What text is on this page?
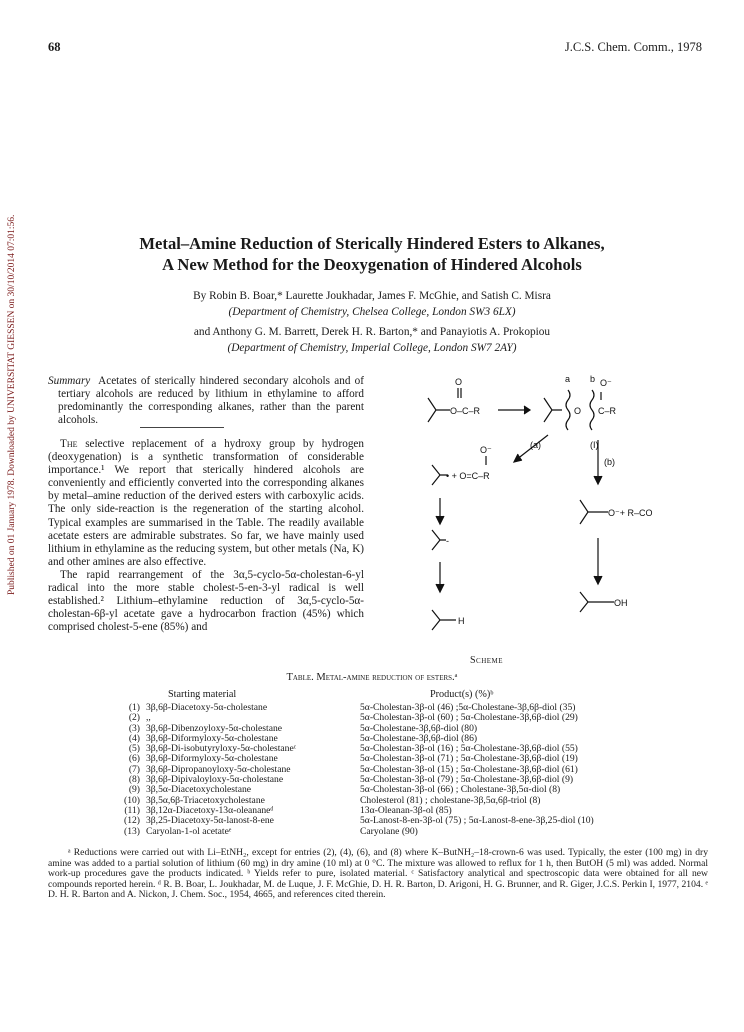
68	J.C.S. Chem. Comm., 1978
Published on 01 January 1978. Downloaded by UNIVERSITAT GIESSEN on 30/10/2014 07:01:56.	Metal–Amine Reduction of Sterically Hindered Esters to Alkanes,
A New Method for the Deoxygenation of Hindered Alcohols
By Robin B. Boar,* Laurette Joukhadar, James F. McGhie, and Satish C. Misra
(Department of Chemistry, Chelsea College, London SW3 6LX)
and Anthony G. M. Barrett, Derek H. R. Barton,* and Panayiotis A. Prokopiou
(Department of Chemistry, Imperial College, London SW7 2AY)

Summary Acetates of sterically hindered secondary alcohols and of tertiary alcohols are reduced by lithium in ethylamine to afford predominantly the corresponding alkanes, rather than the parent alcohols.

The selective replacement of a hydroxy group by hydrogen (deoxygenation) is a synthetic transformation of considerable importance.¹ We report that sterically hindered alcohols are conveniently and efficiently converted into the corresponding alkanes by metal–amine reduction of the derived esters with carboxylic acids. The only side-reaction is the regeneration of the starting alcohol. Typical examples are summarised in the Table. The readily available acetate esters are admirable substrates. So far, we have mainly used lithium in ethylamine as the reducing system, but other metals (Na, K) and other amines are also effective.

The rapid rearrangement of the 3α,5-cyclo-5α-cholestan-6-yl radical into the more stable cholest-5-en-3-yl radical is well established.² Lithium–ethylamine reduction of 3α,5-cyclo-5α-cholestan-6β-yl acetate gave a hydrocarbon fraction (45%) which comprised cholest-5-ene (85%) and

O
O–C–R
a b O⁻
O C–R
(I)
(a)
(b)
O⁻
• + O=C–R
-
H
O⁻+ R–CO
OH
Scheme
Table. Metal-amine reduction of esters.ᵃ
Starting material	Product(s) (%)ᵇ
(1)	3β,6β-Diacetoxy-5α-cholestane	5α-Cholestan-3β-ol (46) ;5α-Cholestane-3β,6β-diol (35)
(2)	,,	5α-Cholestan-3β-ol (60) ; 5α-Cholestane-3β,6β-diol (29)
(3)	3β,6β-Dibenzoyloxy-5α-cholestane	5α-Cholestane-3β,6β-diol (80)
(4)	3β,6β-Diformyloxy-5α-cholestane	5α-Cholestane-3β,6β-diol (86)
(5)	3β,6β-Di-isobutyryloxy-5α-cholestaneᶜ	5α-Cholestan-3β-ol (16) ; 5α-Cholestane-3β,6β-diol (55)
(6)	3β,6β-Diformyloxy-5α-cholestane	5α-Cholestan-3β-ol (71) ; 5α-Cholestane-3β,6β-diol (19)
(7)	3β,6β-Dipropanoyloxy-5α-cholestane	5α-Cholestan-3β-ol (15) ; 5α-Cholestane-3β,6β-diol (61)
(8)	3β,6β-Dipivaloyloxy-5α-cholestane	5α-Cholestan-3β-ol (79) ; 5α-Cholestane-3β,6β-diol (9)
(9)	3β,5α-Diacetoxycholestane	5α-Cholestan-3β-ol (66) ; Cholestane-3β,5α-diol (8)
(10)	3β,5α,6β-Triacetoxycholestane	Cholesterol (81) ; cholestane-3β,5α,6β-triol (8)
(11)	3β,12α-Diacetoxy-13α-oleananeᵈ	13α-Oleanan-3β-ol (85)
(12)	3β,25-Diacetoxy-5α-lanost-8-ene	5α-Lanost-8-en-3β-ol (75) ; 5α-Lanost-8-ene-3β,25-diol (10)
(13)	Caryolan-1-ol acetateᵉ	Caryolane (90)

ᵃ Reductions were carried out with Li–EtNH₂, except for entries (2), (4), (6), and (8) where K–ButNH₂–18-crown-6 was used. Typically, the ester (100 mg) in dry amine was added to a partial solution of lithium (60 mg) in dry amine (10 ml) at 0 °C. The mixture was allowed to reflux for 1 h, then ButOH (5 ml) was added. Normal work-up procedures gave the products indicated. ᵇ Yields refer to pure, isolated material. ᶜ Satisfactory analytical and spectroscopic data were obtained for all new compounds reported herein. ᵈ R. B. Boar, L. Joukhadar, M. de Luque, J. F. McGhie, D. H. R. Barton, D. Arigoni, H. G. Brunner, and R. Giger, J.C.S. Perkin I, 1977, 2104. ᵉ D. H. R. Barton and A. Nickon, J. Chem. Soc., 1954, 4665, and references cited therein.
